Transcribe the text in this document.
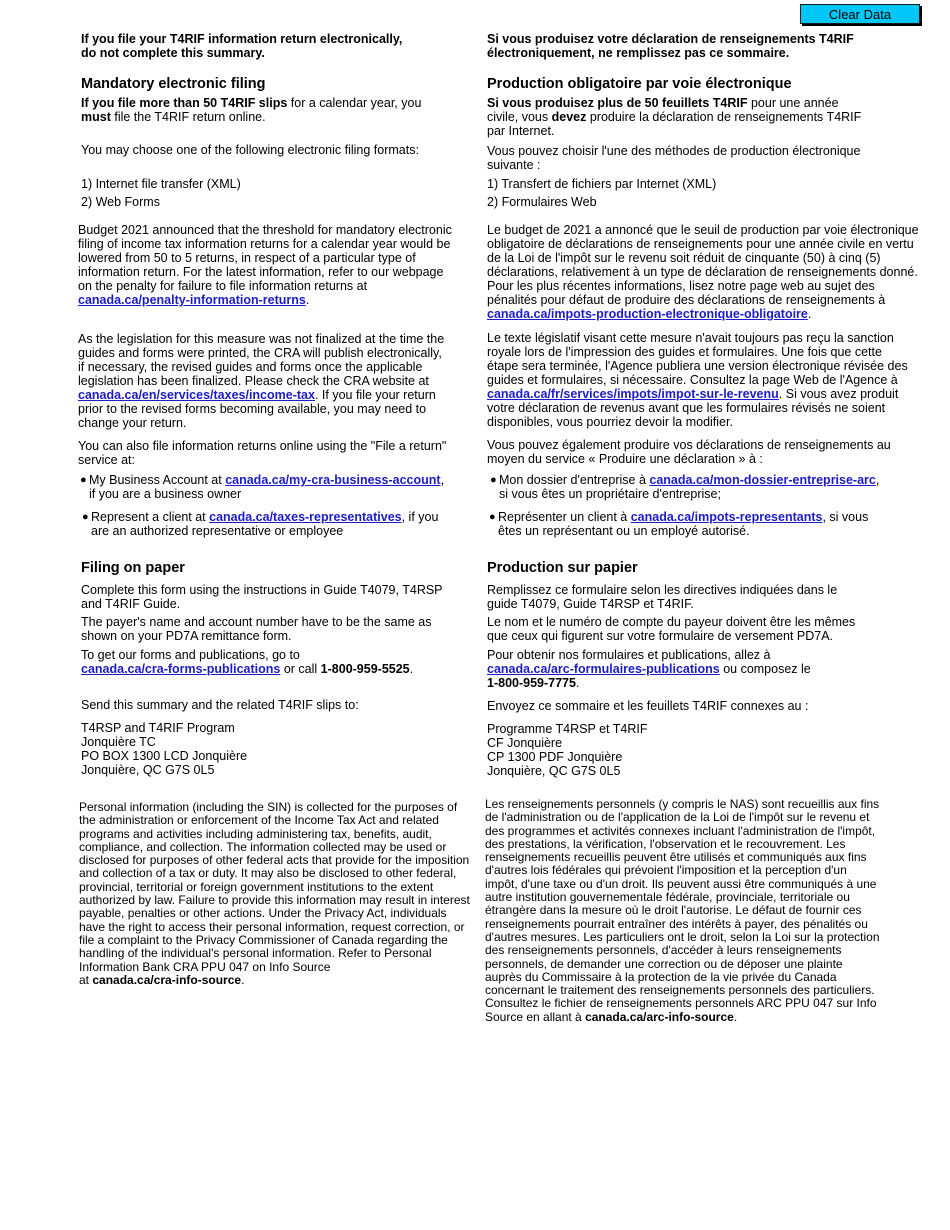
Clear Data
If you file your T4RIF information return electronically,
do not complete this summary.
Mandatory electronic filing
If you file more than 50 T4RIF slips for a calendar year, you
must file the T4RIF return online.
You may choose one of the following electronic filing formats:
1) Internet file transfer (XML)
2) Web Forms
Budget 2021 announced that the threshold for mandatory electronic
filing of income tax information returns for a calendar year would be
lowered from 50 to 5 returns, in respect of a particular type of
information return. For the latest information, refer to our webpage
on the penalty for failure to file information returns at
canada.ca/penalty-information-returns.
As the legislation for this measure was not finalized at the time the
guides and forms were printed, the CRA will publish electronically,
if necessary, the revised guides and forms once the applicable
legislation has been finalized. Please check the CRA website at
canada.ca/en/services/taxes/income-tax. If you file your return
prior to the revised forms becoming available, you may need to
change your return.
You can also file information returns online using the "File a return"
service at:
● My Business Account at canada.ca/my-cra-business-account,
if you are a business owner
● Represent a client at canada.ca/taxes-representatives, if you
are an authorized representative or employee
Filing on paper
Complete this form using the instructions in Guide T4079, T4RSP
and T4RIF Guide.
The payer's name and account number have to be the same as
shown on your PD7A remittance form.
To get our forms and publications, go to
canada.ca/cra-forms-publications or call 1-800-959-5525.
Send this summary and the related T4RIF slips to:
T4RSP and T4RIF Program
Jonquière TC
PO BOX 1300 LCD Jonquière
Jonquière, QC G7S 0L5
Personal information (including the SIN) is collected for the purposes of
the administration or enforcement of the Income Tax Act and related
programs and activities including administering tax, benefits, audit,
compliance, and collection. The information collected may be used or
disclosed for purposes of other federal acts that provide for the imposition
and collection of a tax or duty. It may also be disclosed to other federal,
provincial, territorial or foreign government institutions to the extent
authorized by law. Failure to provide this information may result in interest
payable, penalties or other actions. Under the Privacy Act, individuals
have the right to access their personal information, request correction, or
file a complaint to the Privacy Commissioner of Canada regarding the
handling of the individual's personal information. Refer to Personal
Information Bank CRA PPU 047 on Info Source
at canada.ca/cra-info-source.
Si vous produisez votre déclaration de renseignements T4RIF
électroniquement, ne remplissez pas ce sommaire.
Production obligatoire par voie électronique
Si vous produisez plus de 50 feuillets T4RIF pour une année
civile, vous devez produire la déclaration de renseignements T4RIF
par Internet.
Vous pouvez choisir l'une des méthodes de production électronique
suivante :
1) Transfert de fichiers par Internet (XML)
2) Formulaires Web
Le budget de 2021 a annoncé que le seuil de production par voie électronique
obligatoire de déclarations de renseignements pour une année civile en vertu
de la Loi de l'impôt sur le revenu soit réduit de cinquante (50) à cinq (5)
déclarations, relativement à un type de déclaration de renseignements donné.
Pour les plus récentes informations, lisez notre page web au sujet des
pénalités pour défaut de produire des déclarations de renseignements à
canada.ca/impots-production-electronique-obligatoire.
Le texte législatif visant cette mesure n'avait toujours pas reçu la sanction
royale lors de l'impression des guides et formulaires. Une fois que cette
étape sera terminée, l'Agence publiera une version électronique révisée des
guides et formulaires, si nécessaire. Consultez la page Web de l'Agence à
canada.ca/fr/services/impots/impot-sur-le-revenu. Si vous avez produit
votre déclaration de revenus avant que les formulaires révisés ne soient
disponibles, vous pourriez devoir la modifier.
Vous pouvez également produire vos déclarations de renseignements au
moyen du service « Produire une déclaration » à :
● Mon dossier d'entreprise à canada.ca/mon-dossier-entreprise-arc,
si vous êtes un propriétaire d'entreprise;
● Représenter un client à canada.ca/impots-representants, si vous
êtes un représentant ou un employé autorisé.
Production sur papier
Remplissez ce formulaire selon les directives indiquées dans le
guide T4079, Guide T4RSP et T4RIF.
Le nom et le numéro de compte du payeur doivent être les mêmes
que ceux qui figurent sur votre formulaire de versement PD7A.
Pour obtenir nos formulaires et publications, allez à
canada.ca/arc-formulaires-publications ou composez le
1-800-959-7775.
Envoyez ce sommaire et les feuillets T4RIF connexes au :
Programme T4RSP et T4RIF
CF Jonquière
CP 1300 PDF Jonquière
Jonquière, QC G7S 0L5
Les renseignements personnels (y compris le NAS) sont recueillis aux fins
de l'administration ou de l'application de la Loi de l'impôt sur le revenu et
des programmes et activités connexes incluant l'administration de l'impôt,
des prestations, la vérification, l'observation et le recouvrement. Les
renseignements recueillis peuvent être utilisés et communiqués aux fins
d'autres lois fédérales qui prévoient l'imposition et la perception d'un
impôt, d'une taxe ou d'un droit. Ils peuvent aussi être communiqués à une
autre institution gouvernementale fédérale, provinciale, territoriale ou
étrangère dans la mesure où le droit l'autorise. Le défaut de fournir ces
renseignements pourrait entraîner des intérêts à payer, des pénalités ou
d'autres mesures. Les particuliers ont le droit, selon la Loi sur la protection
des renseignements personnels, d'accéder à leurs renseignements
personnels, de demander une correction ou de déposer une plainte
auprès du Commissaire à la protection de la vie privée du Canada
concernant le traitement des renseignements personnels des particuliers.
Consultez le fichier de renseignements personnels ARC PPU 047 sur Info
Source en allant à canada.ca/arc-info-source.
